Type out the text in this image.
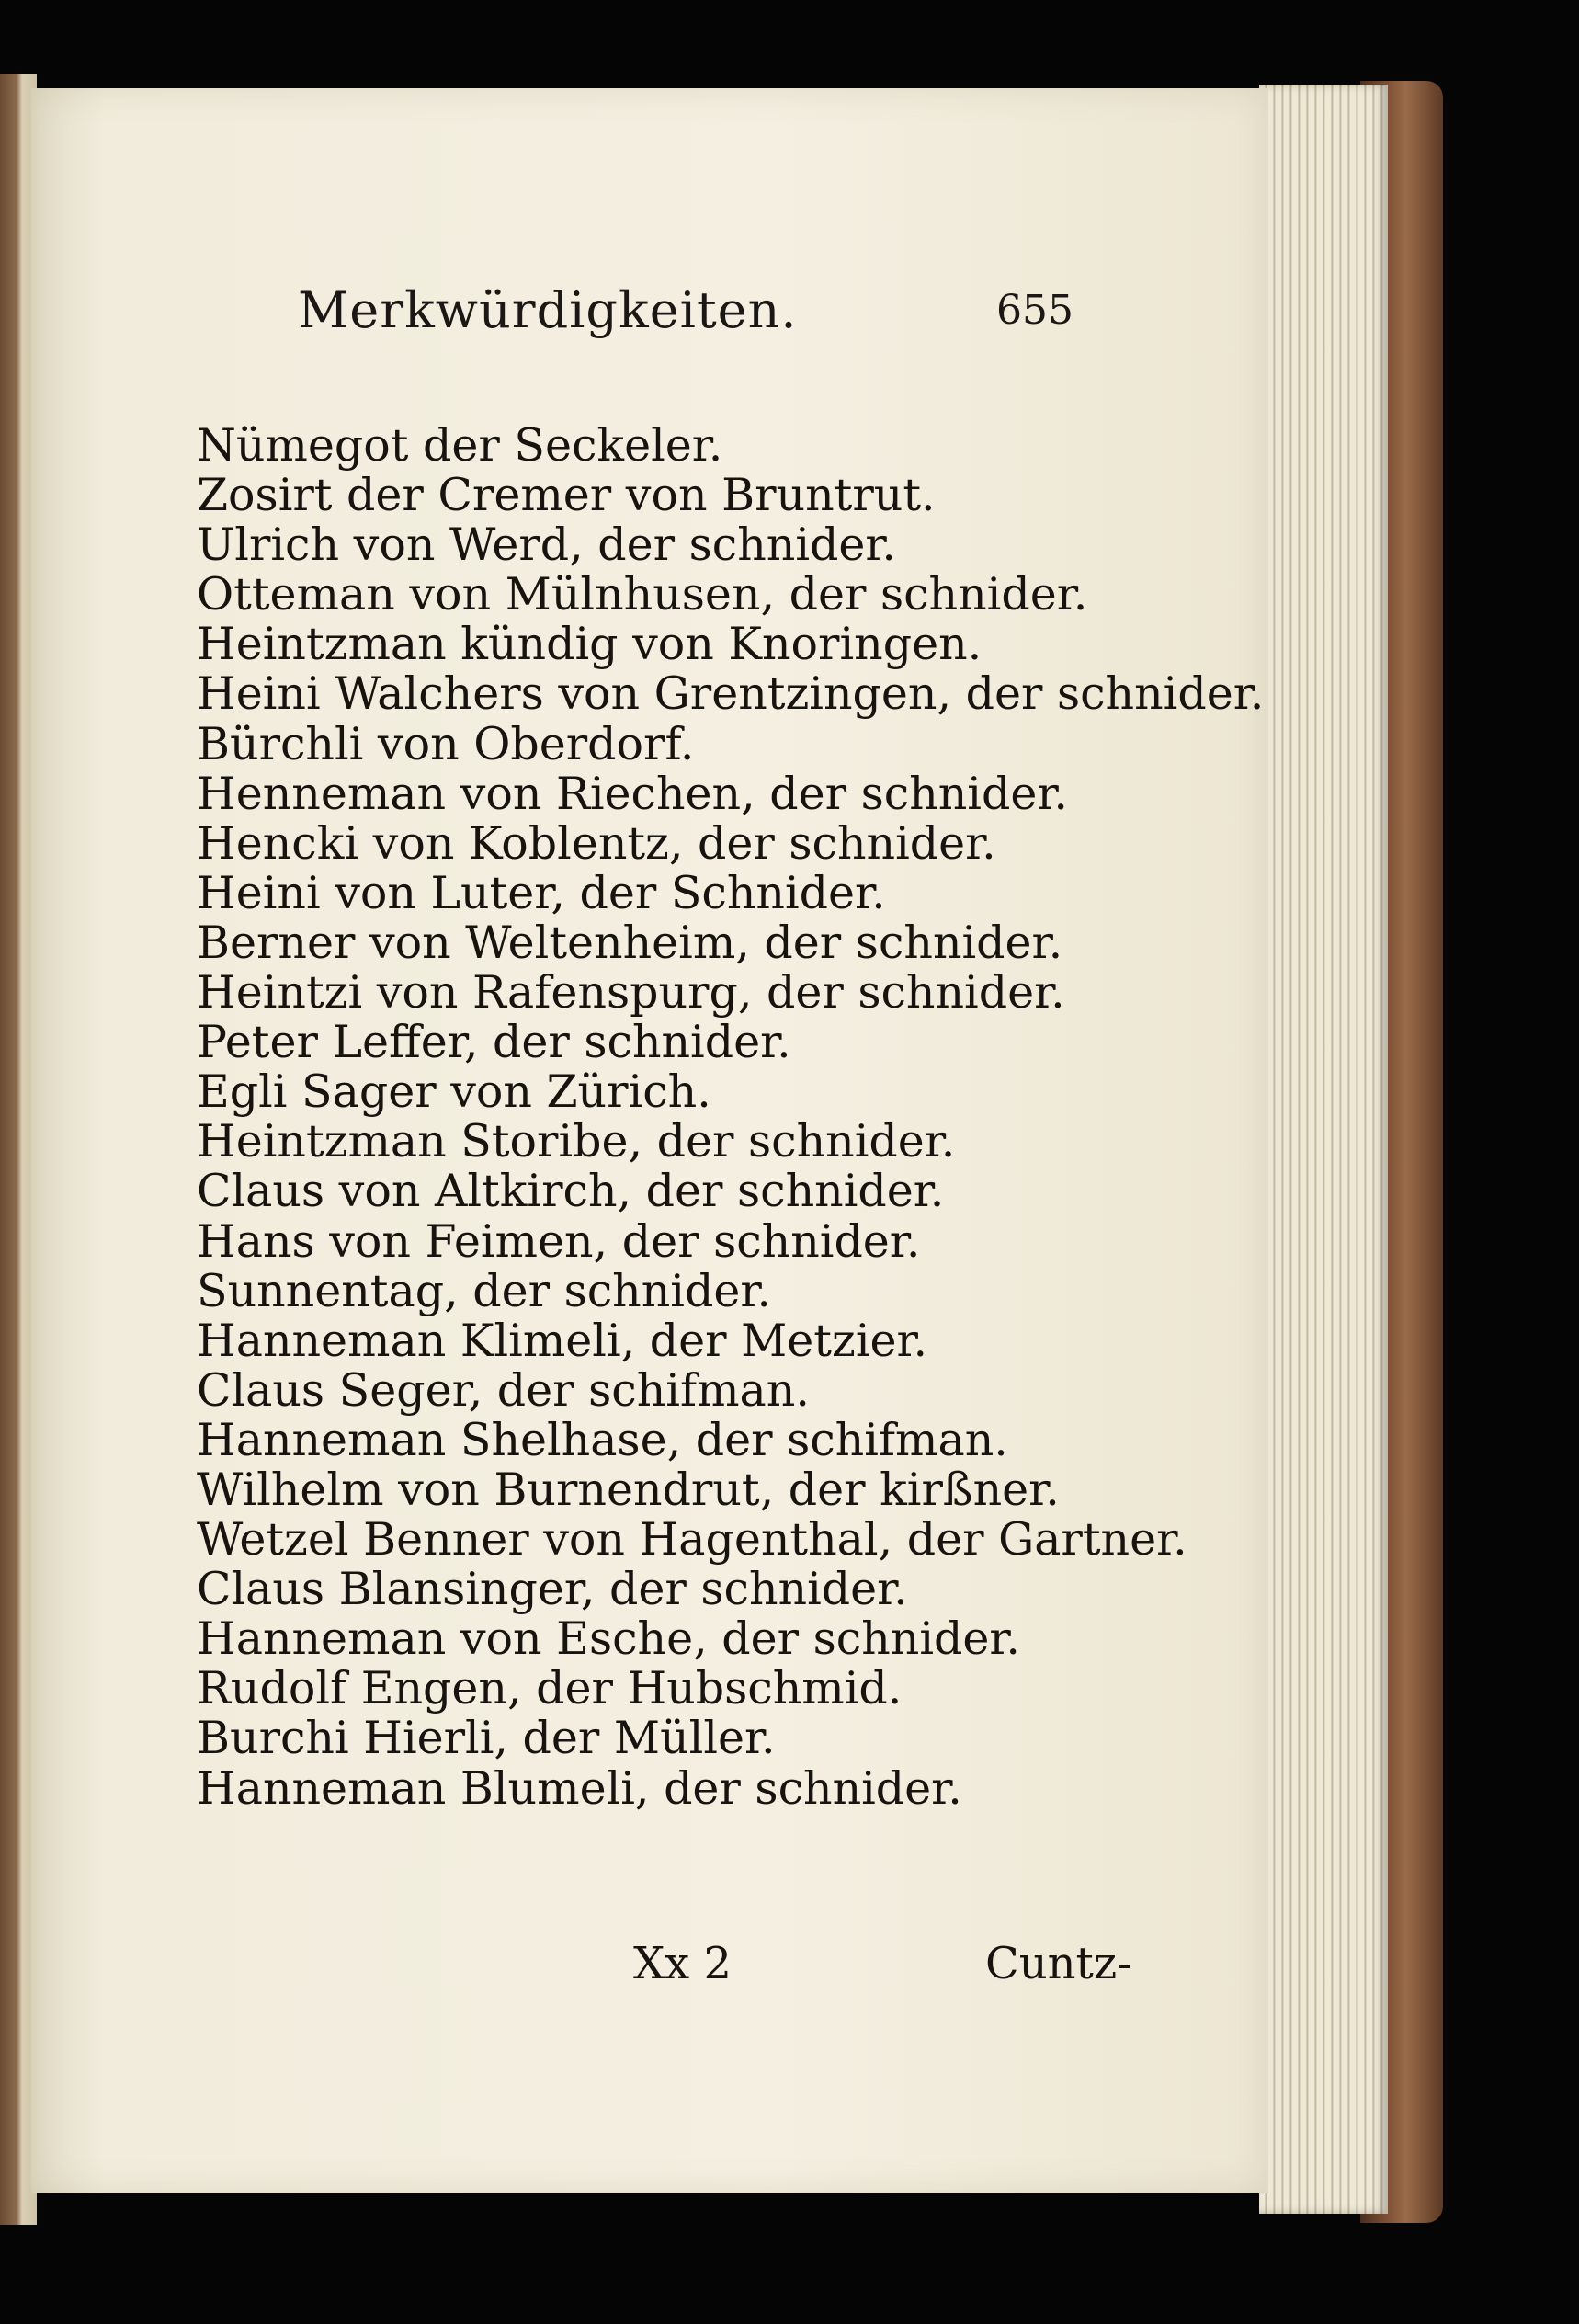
Merkwürdigkeiten.	655
Nümegot der Seckeler.
Zosirt der Cremer von Bruntrut.
Ulrich von Werd, der schnider.
Otteman von Mülnhusen, der schnider.
Heintzman kündig von Knoringen.
Heini Walchers von Grentzingen, der schnider.
Bürchli von Oberdorf.
Henneman von Riechen, der schnider.
Hencki von Koblentz, der schnider.
Heini von Luter, der Schnider.
Berner von Weltenheim, der schnider.
Heintzi von Rafenspurg, der schnider.
Peter Leffer, der schnider.
Egli Sager von Zürich.
Heintzman Storibe, der schnider.
Claus von Altkirch, der schnider.
Hans von Feimen, der schnider.
Sunnentag, der schnider.
Hanneman Klimeli, der Metzier.
Claus Seger, der schifman.
Hanneman Shelhase, der schifman.
Wilhelm von Burnendrut, der kirßner.
Wetzel Benner von Hagenthal, der Gartner.
Claus Blansinger, der schnider.
Hanneman von Esche, der schnider.
Rudolf Engen, der Hubschmid.
Burchi Hierli, der Müller.
Hanneman Blumeli, der schnider.
Xx 2	Cuntz-
